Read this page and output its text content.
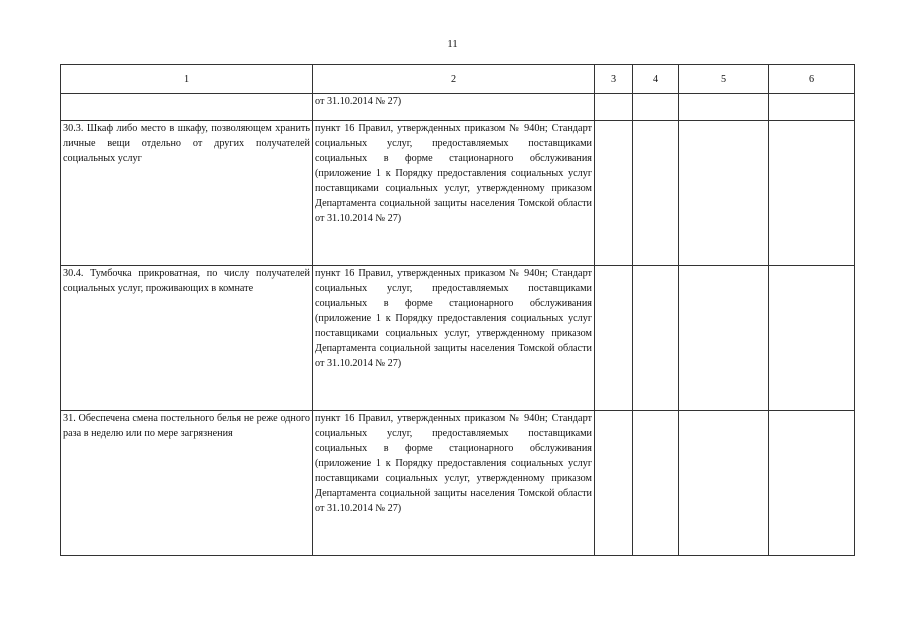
11
1	2	3	4	5	6
	от 31.10.2014 № 27)				
30.3. Шкаф либо место в шкафу, позволяющем хранить личные вещи отдельно от других получателей социальных услуг	пункт 16 Правил, утвержденных приказом № 940н; Стандарт социальных услуг, предоставляемых поставщиками социальных в форме стационарного обслуживания (приложение 1 к Порядку предоставления социальных услуг поставщиками социальных услуг, утвержденному приказом Департамента социальной защиты населения Томской области от 31.10.2014 № 27)				
30.4. Тумбочка прикроватная, по числу получателей социальных услуг, проживающих в комнате	пункт 16 Правил, утвержденных приказом № 940н; Стандарт социальных услуг, предоставляемых поставщиками социальных в форме стационарного обслуживания (приложение 1 к Порядку предоставления социальных услуг поставщиками социальных услуг, утвержденному приказом Департамента социальной защиты населения Томской области от 31.10.2014 № 27)				
31. Обеспечена смена постельного белья не реже одного раза в неделю или по мере загрязнения	пункт 16 Правил, утвержденных приказом № 940н; Стандарт социальных услуг, предоставляемых поставщиками социальных в форме стационарного обслуживания (приложение 1 к Порядку предоставления социальных услуг поставщиками социальных услуг, утвержденному приказом Департамента социальной защиты населения Томской области от 31.10.2014 № 27)				
